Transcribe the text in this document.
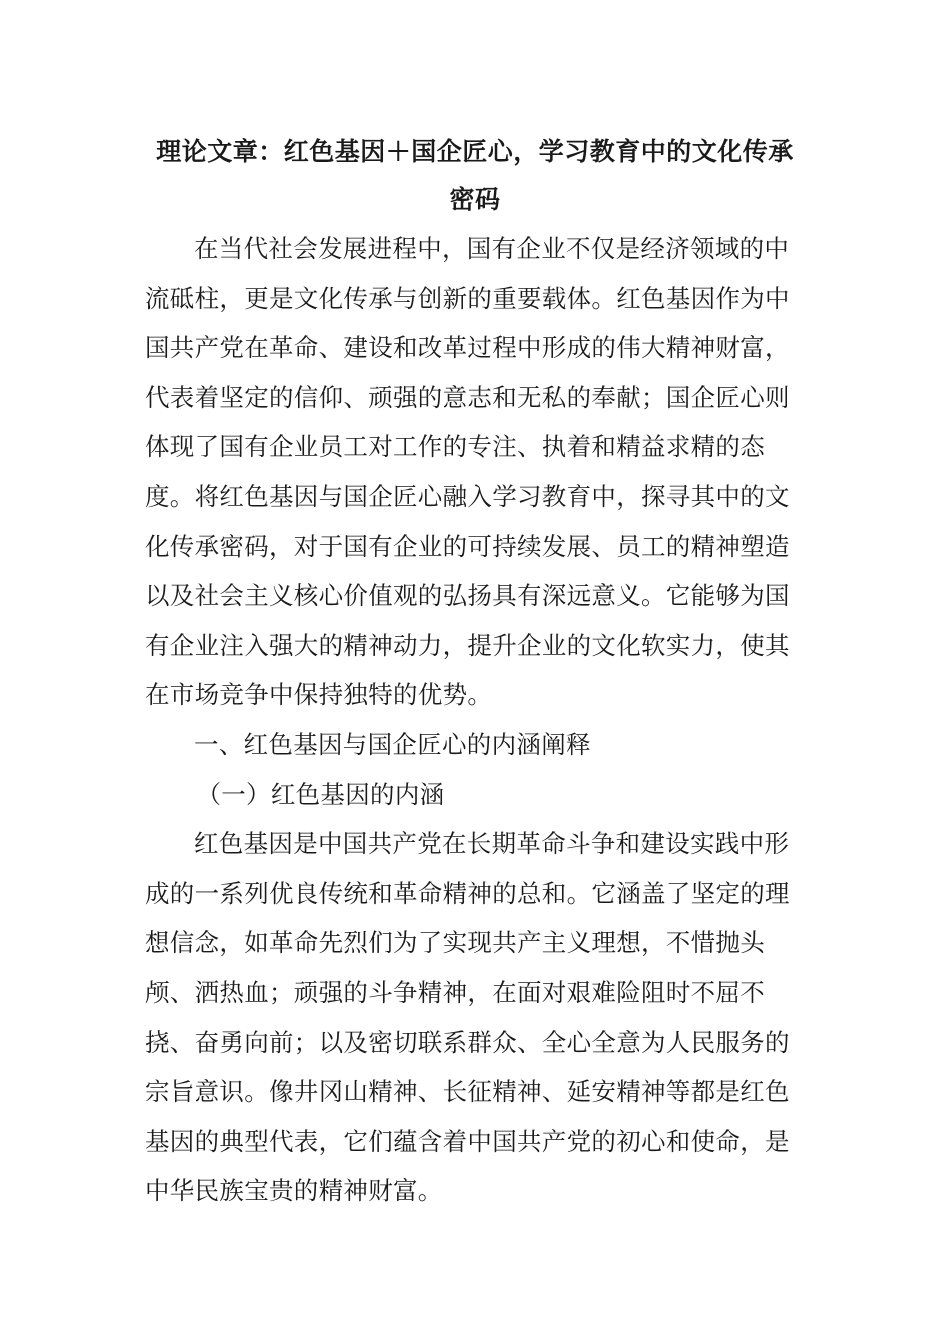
理论文章：红色基因＋国企匠心，学习教育中的文化传承密码

在当代社会发展进程中，国有企业不仅是经济领域的中流砥柱，更是文化传承与创新的重要载体。红色基因作为中国共产党在革命、建设和改革过程中形成的伟大精神财富，代表着坚定的信仰、顽强的意志和无私的奉献；国企匠心则体现了国有企业员工对工作的专注、执着和精益求精的态度。将红色基因与国企匠心融入学习教育中，探寻其中的文化传承密码，对于国有企业的可持续发展、员工的精神塑造以及社会主义核心价值观的弘扬具有深远意义。它能够为国有企业注入强大的精神动力，提升企业的文化软实力，使其在市场竞争中保持独特的优势。

一、红色基因与国企匠心的内涵阐释

（一）红色基因的内涵

红色基因是中国共产党在长期革命斗争和建设实践中形成的一系列优良传统和革命精神的总和。它涵盖了坚定的理想信念，如革命先烈们为了实现共产主义理想，不惜抛头颅、洒热血；顽强的斗争精神，在面对艰难险阻时不屈不挠、奋勇向前；以及密切联系群众、全心全意为人民服务的宗旨意识。像井冈山精神、长征精神、延安精神等都是红色基因的典型代表，它们蕴含着中国共产党的初心和使命，是中华民族宝贵的精神财富。
